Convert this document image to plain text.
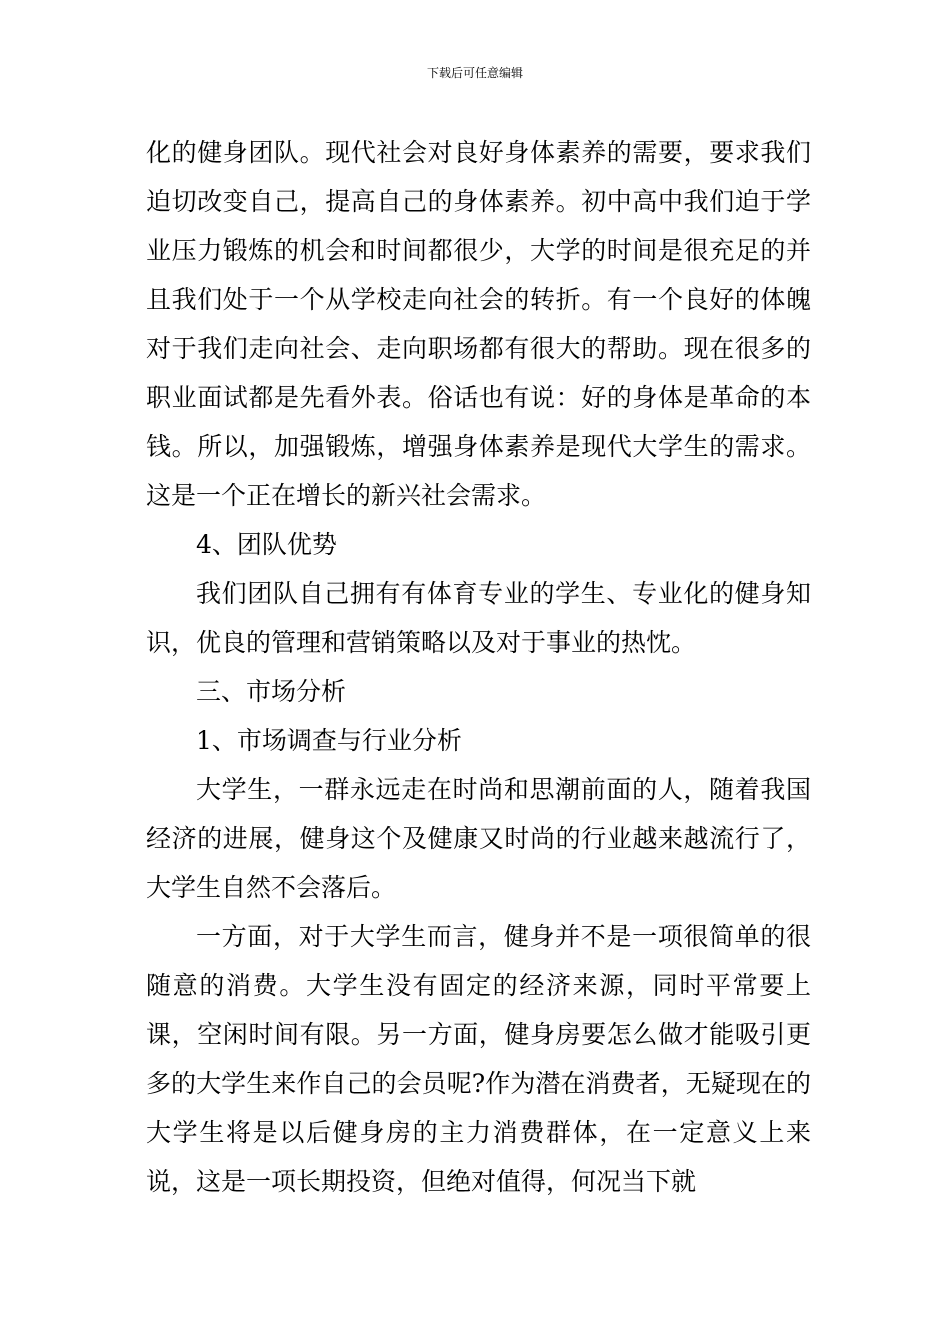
下载后可任意编辑

化的健身团队。现代社会对良好身体素养的需要，要求我们迫切改变自己，提高自己的身体素养。初中高中我们迫于学业压力锻炼的机会和时间都很少，大学的时间是很充足的并且我们处于一个从学校走向社会的转折。有一个良好的体魄对于我们走向社会、走向职场都有很大的帮助。现在很多的职业面试都是先看外表。俗话也有说：好的身体是革命的本钱。所以，加强锻炼，增强身体素养是现代大学生的需求。这是一个正在增长的新兴社会需求。

4、团队优势

我们团队自己拥有有体育专业的学生、专业化的健身知识，优良的管理和营销策略以及对于事业的热忱。

三、市场分析

1、市场调查与行业分析

大学生，一群永远走在时尚和思潮前面的人，随着我国经济的进展，健身这个及健康又时尚的行业越来越流行了，大学生自然不会落后。

一方面，对于大学生而言，健身并不是一项很简单的很随意的消费。大学生没有固定的经济来源，同时平常要上课，空闲时间有限。另一方面，健身房要怎么做才能吸引更多的大学生来作自己的会员呢?作为潜在消费者，无疑现在的大学生将是以后健身房的主力消费群体，在一定意义上来说，这是一项长期投资，但绝对值得，何况当下就
